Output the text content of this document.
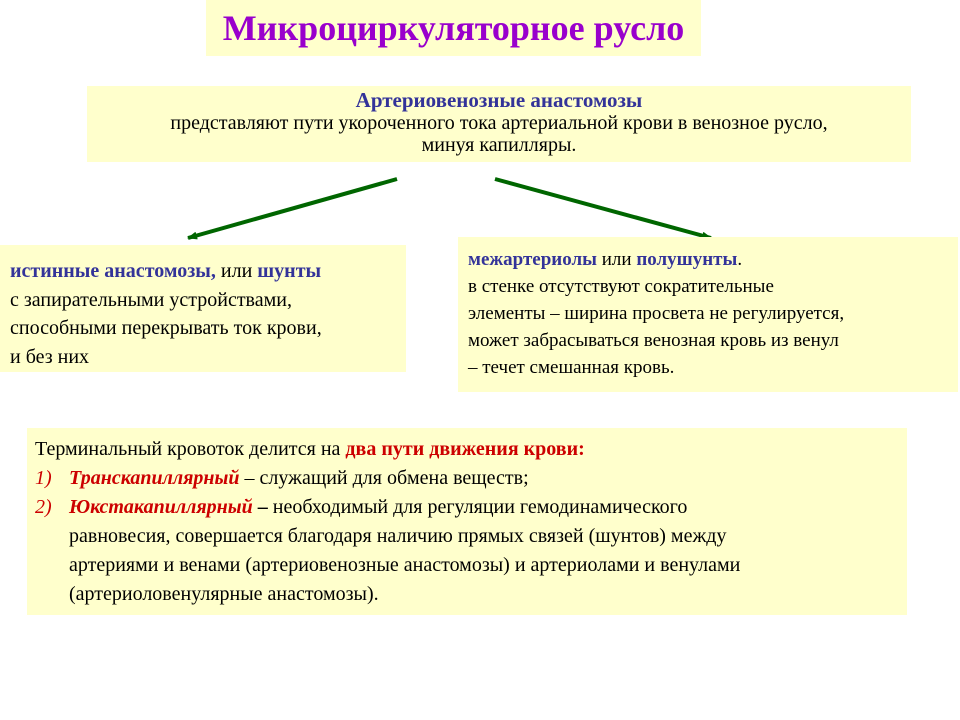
Микроциркуляторное русло
Артериовенозные анастомозы
представляют пути укороченного тока артериальной крови в венозное русло,
минуя капилляры.
истинные анастомозы, или шунты
с запирательными устройствами,
способными перекрывать ток крови,
и без них
межартериолы или полушунты.
в стенке отсутствуют сократительные
элементы – ширина просвета не регулируется,
может забрасываться венозная кровь из венул
– течет смешанная кровь.
Терминальный кровоток делится на два пути движения крови:
1) Транскапиллярный – служащий для обмена веществ;
2) Юкстакапиллярный – необходимый для регуляции гемодинамического
равновесия, совершается благодаря наличию прямых связей (шунтов) между
артериями и венами (артериовенозные анастомозы) и артериолами и венулами
(артериоловенулярные анастомозы).
